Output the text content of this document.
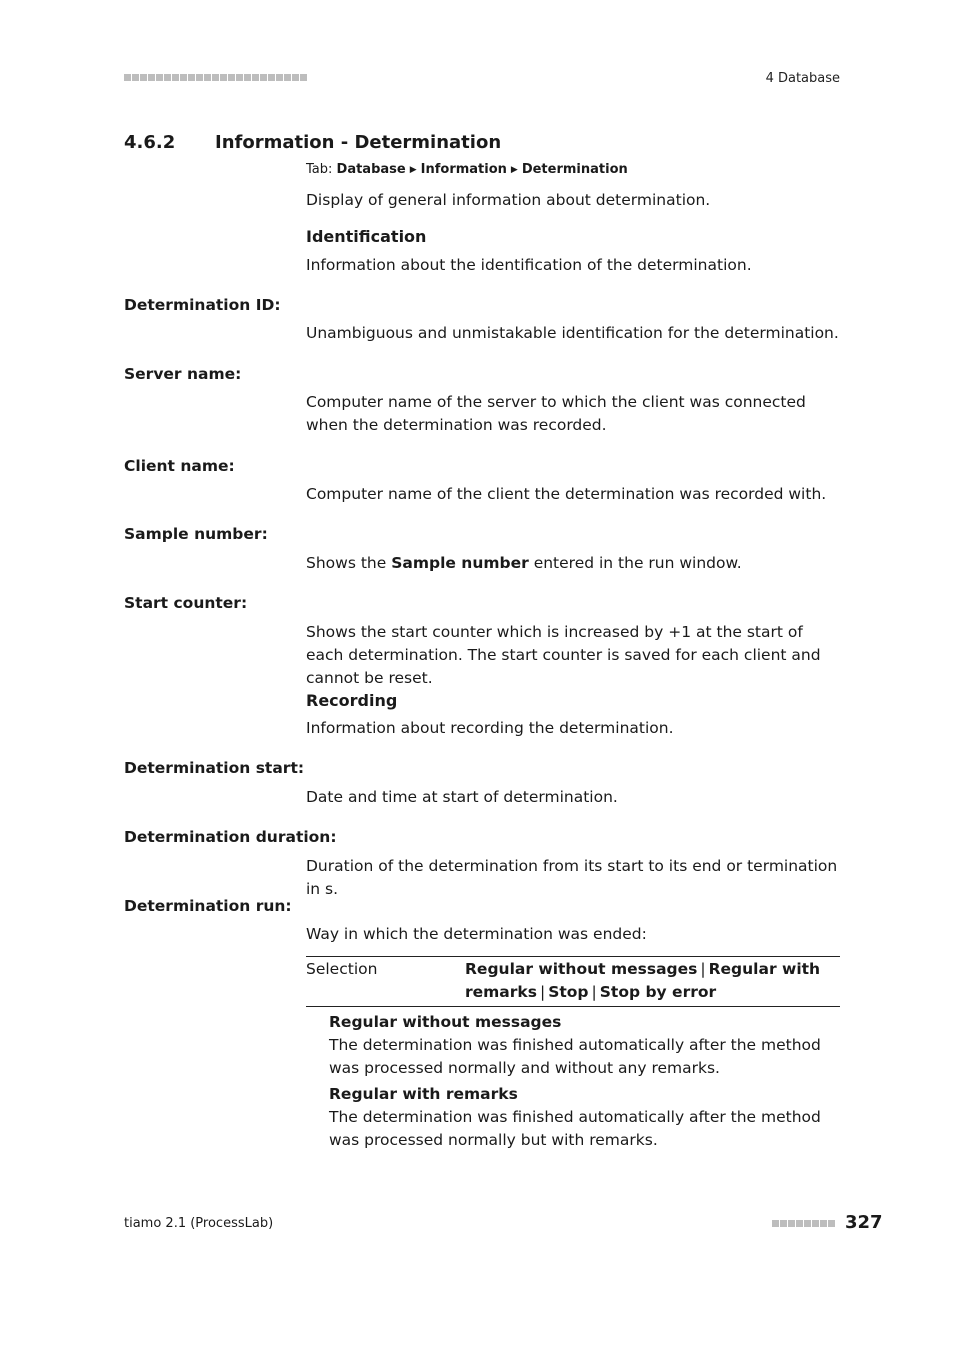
4 Database
4.6.2 Information - Determination
Tab: Database ▶ Information ▶ Determination
Display of general information about determination.
Identification
Information about the identification of the determination.
Determination ID:
Unambiguous and unmistakable identification for the determination.
Server name:
Computer name of the server to which the client was connected when the determination was recorded.
Client name:
Computer name of the client the determination was recorded with.
Sample number:
Shows the Sample number entered in the run window.
Start counter:
Shows the start counter which is increased by +1 at the start of each determination. The start counter is saved for each client and cannot be reset.
Recording
Information about recording the determination.
Determination start:
Date and time at start of determination.
Determination duration:
Duration of the determination from its start to its end or termination in s.
Determination run:
Way in which the determination was ended:
Selection	Regular without messages | Regular with remarks | Stop | Stop by error
Regular without messages
The determination was finished automatically after the method was processed normally and without any remarks.
Regular with remarks
The determination was finished automatically after the method was processed normally but with remarks.
tiamo 2.1 (ProcessLab)	327
